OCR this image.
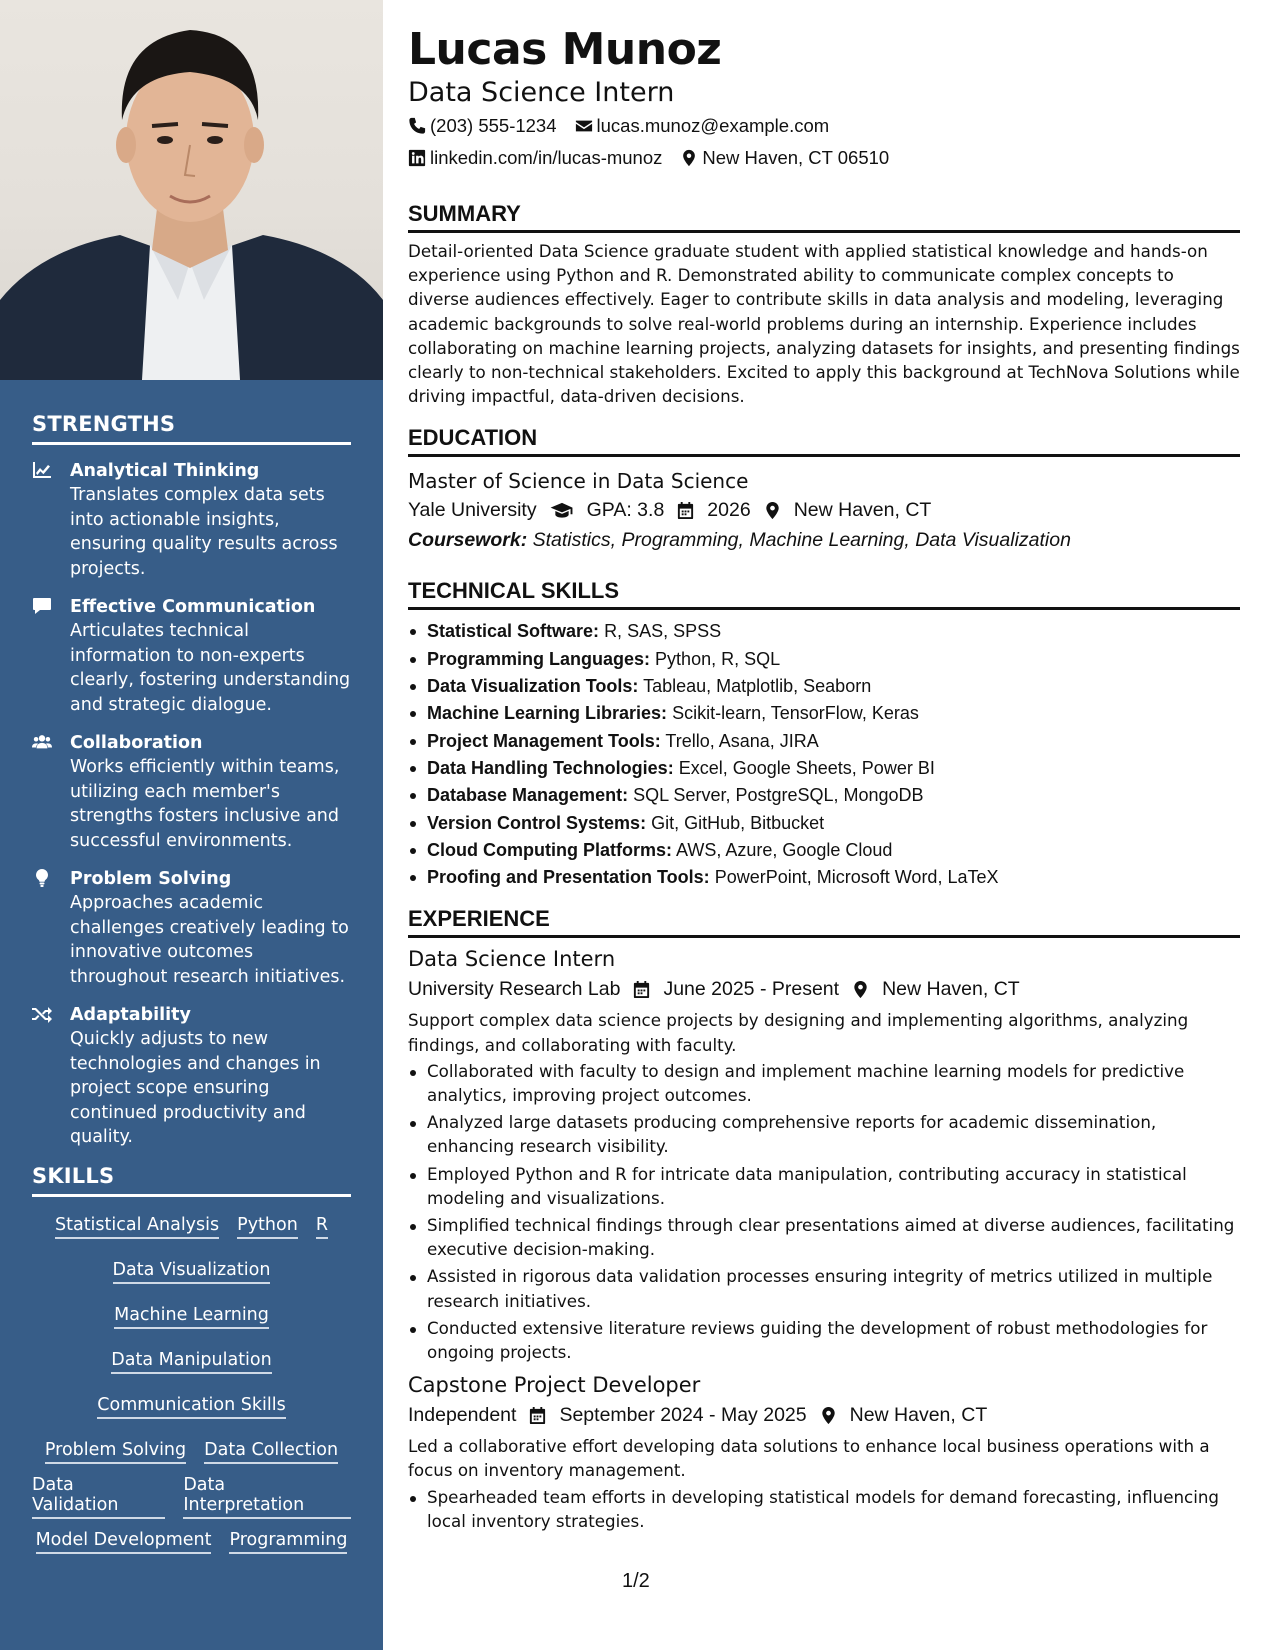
STRENGTHS
Analytical Thinking
Translates complex data sets into actionable insights, ensuring quality results across projects.
Effective Communication
Articulates technical information to non-experts clearly, fostering understanding and strategic dialogue.
Collaboration
Works efficiently within teams, utilizing each member's strengths fosters inclusive and successful environments.
Problem Solving
Approaches academic challenges creatively leading to innovative outcomes throughout research initiatives.
Adaptability
Quickly adjusts to new technologies and changes in project scope ensuring continued productivity and quality.
SKILLS
Statistical Analysis Python R
Data Visualization
Machine Learning
Data Manipulation
Communication Skills
Problem Solving Data Collection
Data Validation
Data Interpretation
Model Development Programming
Lucas Munoz
Data Science Intern
(203) 555-1234 lucas.munoz@example.com
linkedin.com/in/lucas-munoz New Haven, CT 06510
SUMMARY

Detail-oriented Data Science graduate student with applied statistical knowledge and hands-on experience using Python and R. Demonstrated ability to communicate complex concepts to diverse audiences effectively. Eager to contribute skills in data analysis and modeling, leveraging academic backgrounds to solve real-world problems during an internship. Experience includes collaborating on machine learning projects, analyzing datasets for insights, and presenting findings clearly to non-technical stakeholders. Excited to apply this background at TechNova Solutions while driving impactful, data-driven decisions.

EDUCATION
Master of Science in Data Science
Yale University	GPA: 3.8 2026 New Haven, CT
Coursework: Statistics, Programming, Machine Learning, Data Visualization
TECHNICAL SKILLS
Statistical Software: R, SAS, SPSS
Programming Languages: Python, R, SQL
Data Visualization Tools: Tableau, Matplotlib, Seaborn
Machine Learning Libraries: Scikit-learn, TensorFlow, Keras
Project Management Tools: Trello, Asana, JIRA
Data Handling Technologies: Excel, Google Sheets, Power BI
Database Management: SQL Server, PostgreSQL, MongoDB
Version Control Systems: Git, GitHub, Bitbucket
Cloud Computing Platforms: AWS, Azure, Google Cloud
Proofing and Presentation Tools: PowerPoint, Microsoft Word, LaTeX
EXPERIENCE
Data Science Intern
University Research Lab June 2025 - Present New Haven, CT

Support complex data science projects by designing and implementing algorithms, analyzing findings, and collaborating with faculty.

Collaborated with faculty to design and implement machine learning models for predictive analytics, improving project outcomes.
Analyzed large datasets producing comprehensive reports for academic dissemination, enhancing research visibility.
Employed Python and R for intricate data manipulation, contributing accuracy in statistical modeling and visualizations.
Simplified technical findings through clear presentations aimed at diverse audiences, facilitating executive decision-making.
Assisted in rigorous data validation processes ensuring integrity of metrics utilized in multiple research initiatives.
Conducted extensive literature reviews guiding the development of robust methodologies for ongoing projects.
Capstone Project Developer
Independent September 2024 - May 2025 New Haven, CT

Led a collaborative effort developing data solutions to enhance local business operations with a focus on inventory management.

Spearheaded team efforts in developing statistical models for demand forecasting, influencing local inventory strategies.
1/2
